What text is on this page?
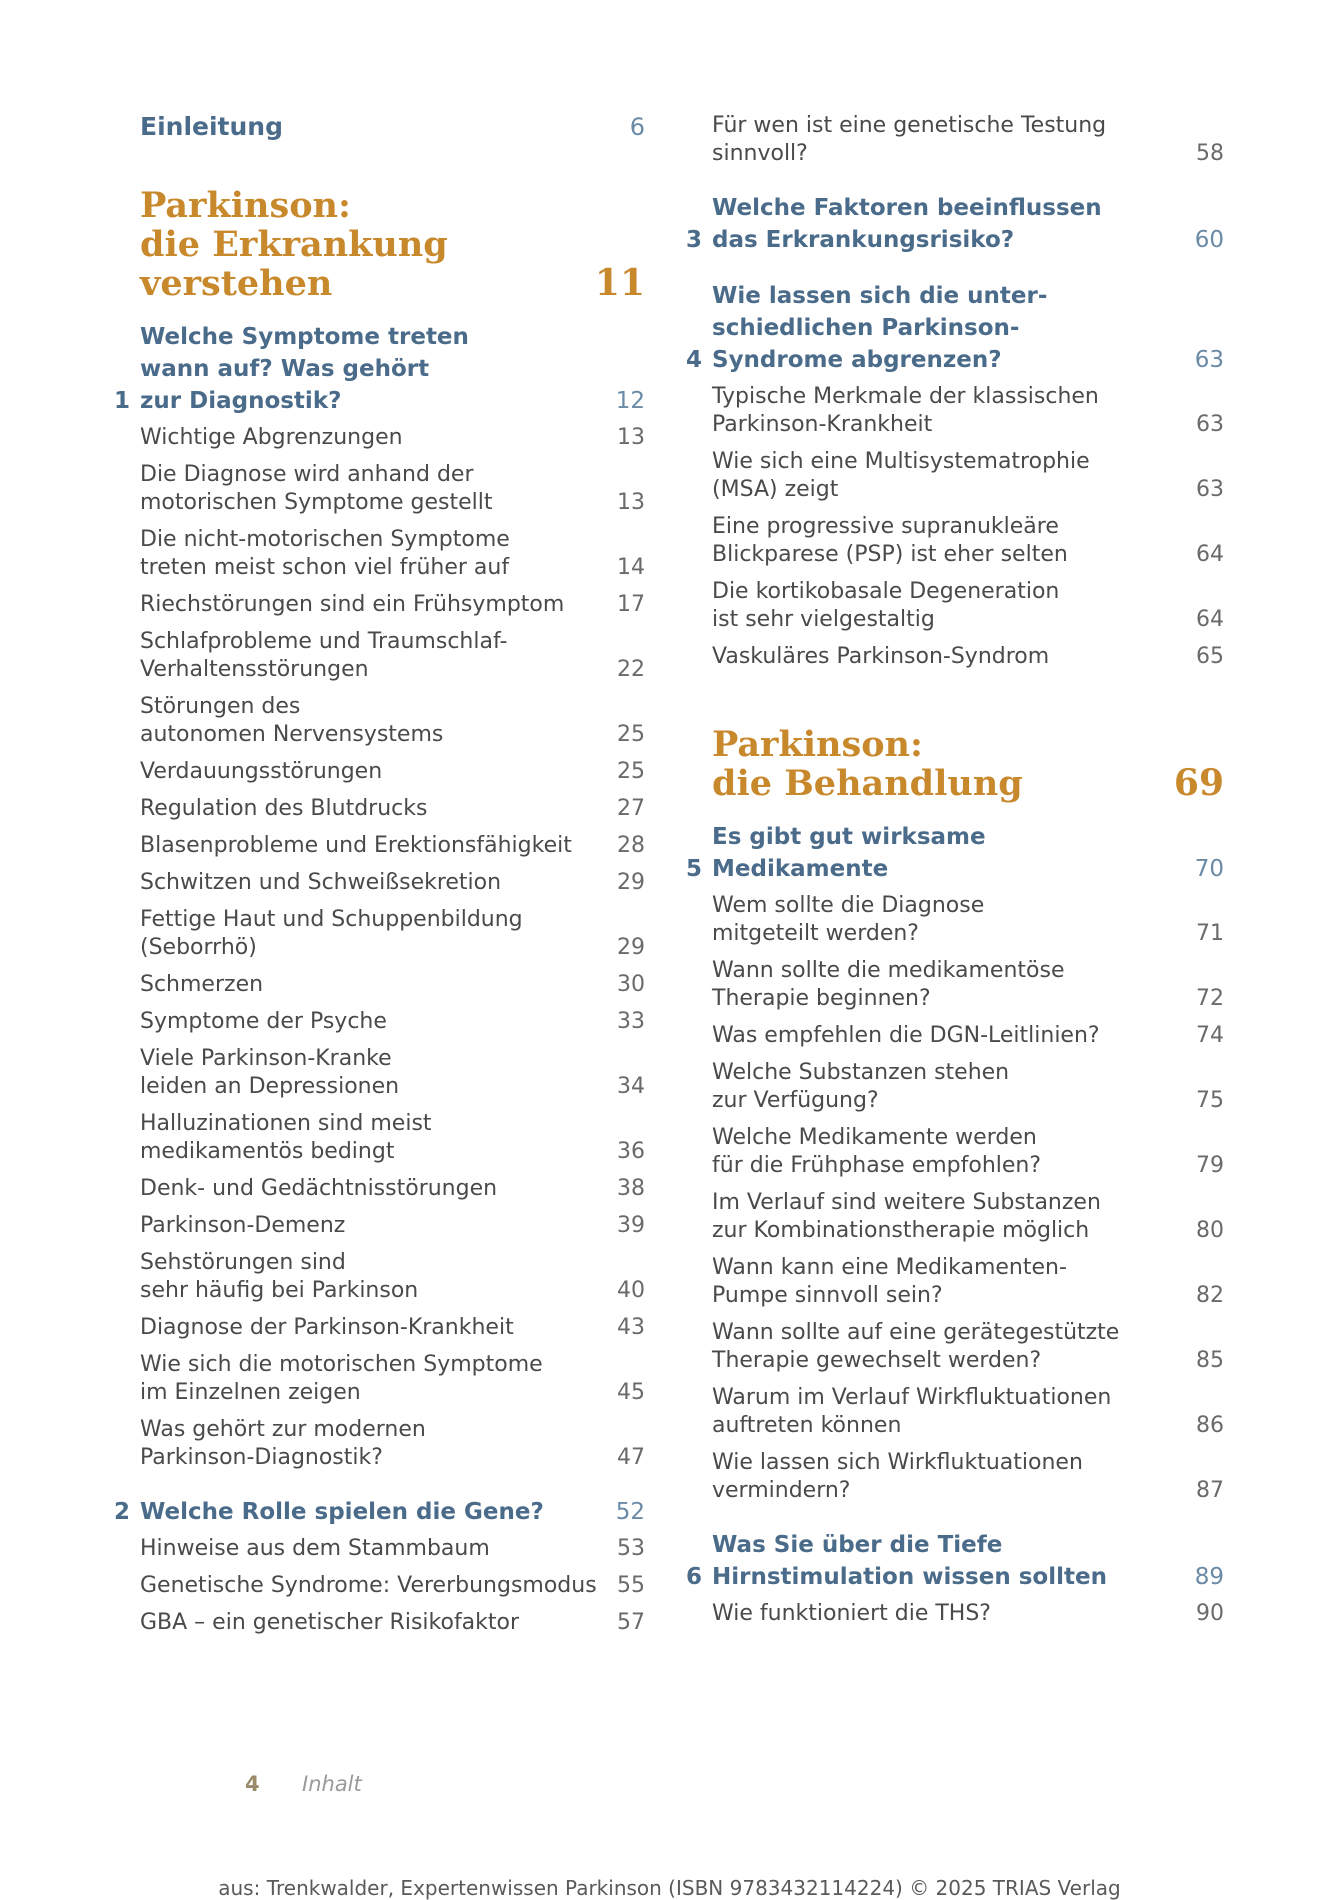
Einleitung	6
Parkinson:
die Erkrankung
verstehen	11
1
Welche Symptome treten
wann auf? Was gehört
zur Diagnostik?	12
Wichtige Abgrenzungen	13
Die Diagnose wird anhand der
motorischen Symptome gestellt	13
Die nicht-motorischen Symptome
treten meist schon viel früher auf	14
Riechstörungen sind ein Frühsymptom	17
Schlafprobleme und Traumschlaf-
Verhaltensstörungen	22
Störungen des
autonomen Nervensystems	25
Verdauungsstörungen	25
Regulation des Blutdrucks	27
Blasenprobleme und Erektionsfähigkeit	28
Schwitzen und Schweißsekretion	29
Fettige Haut und Schuppenbildung
(Seborrhö)	29
Schmerzen	30
Symptome der Psyche	33
Viele Parkinson-Kranke
leiden an Depressionen	34
Halluzinationen sind meist
medikamentös bedingt	36
Denk- und Gedächtnisstörungen	38
Parkinson-Demenz	39
Sehstörungen sind
sehr häufig bei Parkinson	40
Diagnose der Parkinson-Krankheit	43
Wie sich die motorischen Symptome
im Einzelnen zeigen	45
Was gehört zur modernen
Parkinson-Diagnostik?	47
2 Welche Rolle spielen die Gene?	52
Hinweise aus dem Stammbaum	53
Genetische Syndrome: Vererbungsmodus 55
GBA – ein genetischer Risikofaktor	57
Für wen ist eine genetische Testung
sinnvoll?	58
3
Welche Faktoren beeinflussen
das Erkrankungsrisiko?	60
4
Wie lassen sich die unter-
schiedlichen Parkinson-
Syndrome abgrenzen?	63
Typische Merkmale der klassischen
Parkinson-Krankheit	63
Wie sich eine Multisystematrophie
(MSA) zeigt	63
Eine progressive supranukleäre
Blickparese (PSP) ist eher selten	64
Die kortikobasale Degeneration
ist sehr vielgestaltig	64
Vaskuläres Parkinson-Syndrom	65
Parkinson:
die Behandlung	69
5
Es gibt gut wirksame
Medikamente	70
Wem sollte die Diagnose
mitgeteilt werden?	71
Wann sollte die medikamentöse
Therapie beginnen?	72
Was empfehlen die DGN-Leitlinien?	74
Welche Substanzen stehen
zur Verfügung?	75
Welche Medikamente werden
für die Frühphase empfohlen?	79
Im Verlauf sind weitere Substanzen
zur Kombinationstherapie möglich	80
Wann kann eine Medikamenten-
Pumpe sinnvoll sein?	82
Wann sollte auf eine gerätegestützte
Therapie gewechselt werden?	85
Warum im Verlauf Wirkfluktuationen
auftreten können	86
Wie lassen sich Wirkfluktuationen
vermindern?	87
6
Was Sie über die Tiefe
Hirnstimulation wissen sollten	89
Wie funktioniert die THS?	90
4 Inhalt
aus: Trenkwalder, Expertenwissen Parkinson (ISBN 9783432114224) © 2025 TRIAS Verlag
